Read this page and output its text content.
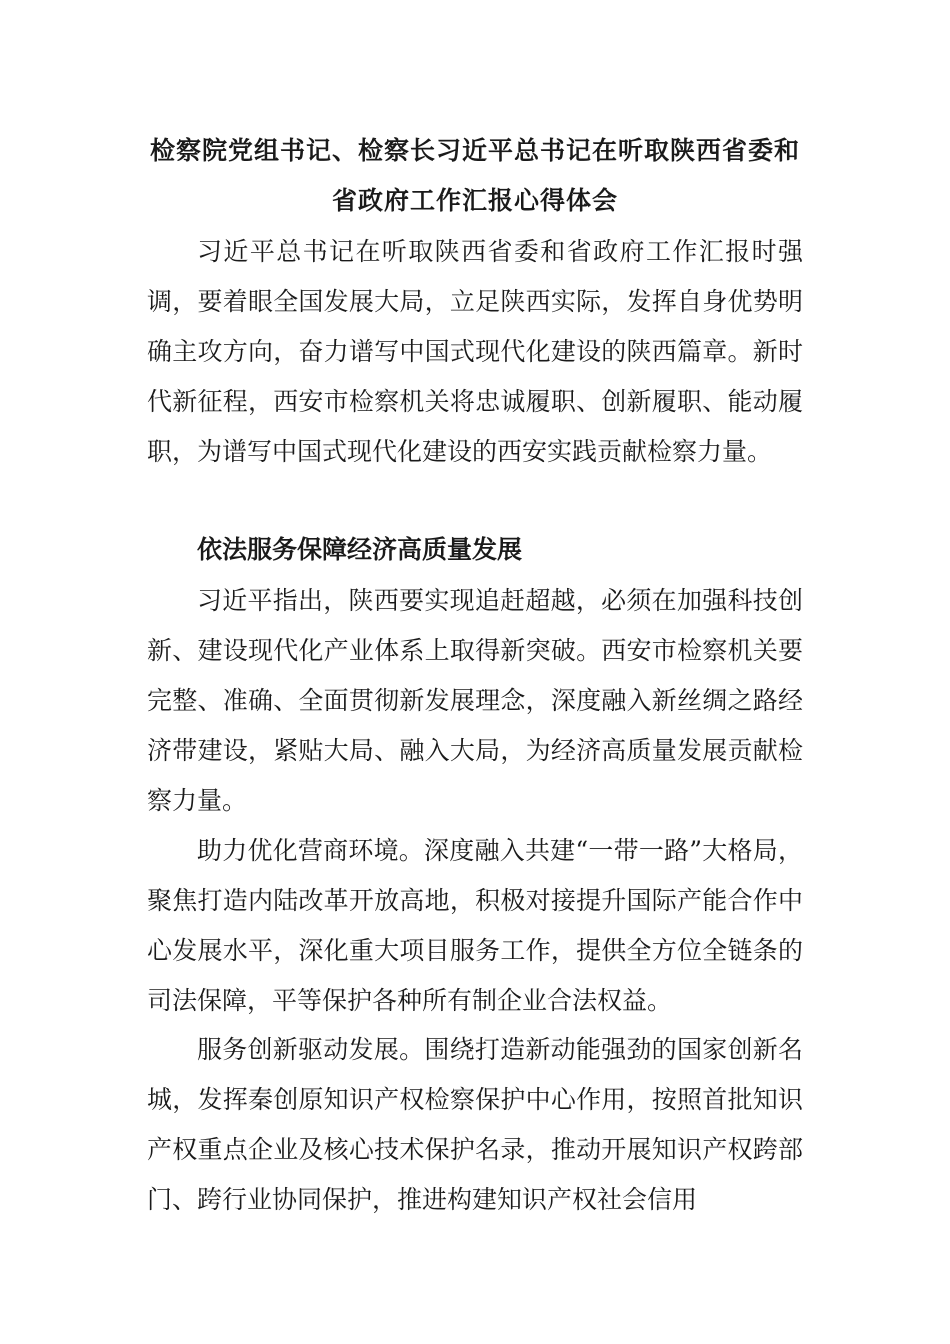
检察院党组书记、检察长习近平总书记在听取陕西省委和
省政府工作汇报心得体会

习近平总书记在听取陕西省委和省政府工作汇报时强调，要着眼全国发展大局，立足陕西实际，发挥自身优势明确主攻方向，奋力谱写中国式现代化建设的陕西篇章。新时代新征程，西安市检察机关将忠诚履职、创新履职、能动履职，为谱写中国式现代化建设的西安实践贡献检察力量。

依法服务保障经济高质量发展

习近平指出，陕西要实现追赶超越，必须在加强科技创新、建设现代化产业体系上取得新突破。西安市检察机关要完整、准确、全面贯彻新发展理念，深度融入新丝绸之路经济带建设，紧贴大局、融入大局，为经济高质量发展贡献检察力量。

助力优化营商环境。深度融入共建“一带一路”大格局，聚焦打造内陆改革开放高地，积极对接提升国际产能合作中心发展水平，深化重大项目服务工作，提供全方位全链条的司法保障，平等保护各种所有制企业合法权益。

服务创新驱动发展。围绕打造新动能强劲的国家创新名城，发挥秦创原知识产权检察保护中心作用，按照首批知识产权重点企业及核心技术保护名录，推动开展知识产权跨部门、跨行业协同保护，推进构建知识产权社会信用
